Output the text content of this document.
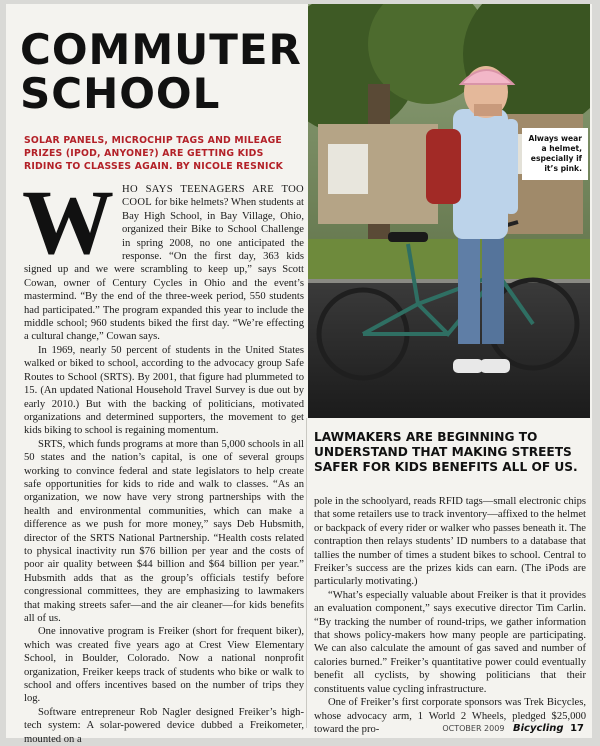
COMMUTER
SCHOOL
SOLAR PANELS, MICROCHIP TAGS AND MILEAGE PRIZES (IPOD, ANYONE?) ARE GETTING KIDS RIDING TO CLASSES AGAIN. BY NICOLE RESNICK

WHO SAYS TEENAGERS ARE TOO COOL for bike helmets? When students at Bay High School, in Bay Village, Ohio, organized their Bike to School Challenge in spring 2008, no one anticipated the response. “On the first day, 363 kids signed up and we were scrambling to keep up,” says Scott Cowan, owner of Century Cycles in Ohio and the event’s mastermind. “By the end of the three-week period, 550 students had participated.” The program expanded this year to include the middle school; 960 students biked the first day. “We’re effecting a cultural change,” Cowan says.

In 1969, nearly 50 percent of students in the United States walked or biked to school, according to the advocacy group Safe Routes to School (SRTS). By 2001, that figure had plummeted to 15. (An updated National Household Travel Survey is due out by early 2010.) But with the backing of politicians, motivated organizations and determined supporters, the movement to get kids biking to school is regaining momentum.

SRTS, which funds programs at more than 5,000 schools in all 50 states and the nation’s capital, is one of several groups working to convince federal and state legislators to help create safe opportunities for kids to ride and walk to classes. “As an organization, we now have very strong partnerships with the health and environmental communities, which can make a difference as we push for more money,” says Deb Hubsmith, director of the SRTS National Partnership. “Health costs related to physical inactivity run $76 billion per year and the costs of poor air quality between $44 billion and $64 billion per year.” Hubsmith adds that as the group’s officials testify before congressional committees, they are emphasizing to lawmakers that making streets safer—and the air cleaner—for kids benefits all of us.

One innovative program is Freiker (short for frequent biker), which was created five years ago at Crest View Elementary School, in Boulder, Colorado. Now a national nonprofit organization, Freiker keeps track of students who bike or walk to school and offers incentives based on the number of trips they log.

Software entrepreneur Rob Nagler designed Freiker’s high-tech system: A solar-powered device dubbed a Freikometer, mounted on a

Always wear a helmet, especially if it’s pink.
LAWMAKERS ARE BEGINNING TO UNDERSTAND THAT MAKING STREETS SAFER FOR KIDS BENEFITS ALL OF US.

pole in the schoolyard, reads RFID tags—small electronic chips that some retailers use to track inventory—affixed to the helmet or backpack of every rider or walker who passes beneath it. The contraption then relays students’ ID numbers to a database that tallies the number of times a student bikes to school. Central to Freiker’s success are the prizes kids can earn. (The iPods are particularly motivating.)

“What’s especially valuable about Freiker is that it provides an evaluation component,” says executive director Tim Carlin. “By tracking the number of round-trips, we gather information that shows policy-makers how many people are participating. We can also calculate the amount of gas saved and number of calories burned.” Freiker’s quantitative power could eventually benefit all cyclists, by showing politicians that their constituents value cycling infrastructure.

One of Freiker’s first corporate sponsors was Trek Bicycles, whose advocacy arm, 1 World 2 Wheels, pledged $25,000 toward the pro-	OCTOBER 2009 Bicycling 17
